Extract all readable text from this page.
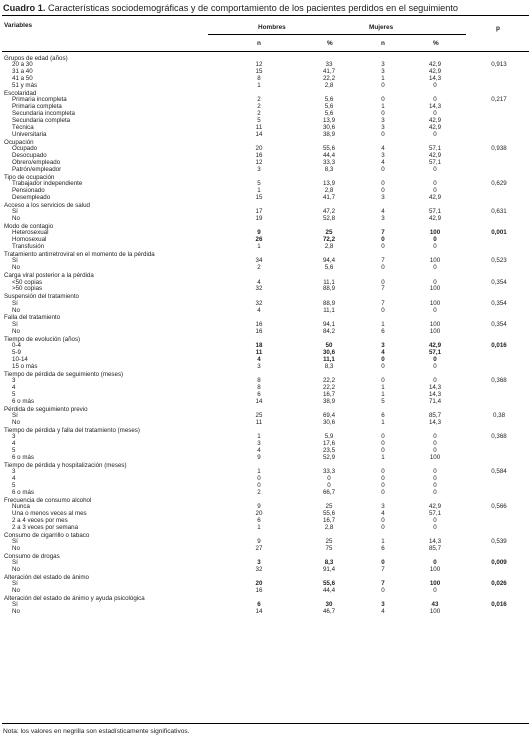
Cuadro 1. Características sociodemográficas y de comportamiento de los pacientes perdidos en el seguimiento
Variables	Hombres	Mujeres	p
n	%	n	%
Grupos de edad (años)
20 a 30	12	33	3	42,9	0,913
31 a 40	15	41,7	3	42,9
41 a 50	8	22,2	1	14,3
51 y más	1	2,8	0	0
Escolaridad
Primaria incompleta	2	5,6	0	0	0,217
Primaria completa	2	5,6	1	14,3
Secundaria incompleta	2	5,6	0	0
Secundaria completa	5	13,9	3	42,9
Técnica	11	30,6	3	42,9
Universitaria	14	38,9	0	0
Ocupación
Ocupado	20	55,6	4	57,1	0,938
Desocupado	16	44,4	3	42,9
Obrero/empleado	12	33,3	4	57,1
Patrón/empleador	3	8,3	0	0
Tipo de ocupación
Trabajador independiente	5	13,9	0	0	0,629
Pensionado	1	2,8	0	0
Desempleado	15	41,7	3	42,9
Acceso a los servicios de salud
Sí	17	47,2	4	57,1	0,631
No	19	52,8	3	42,9
Modo de contagio
Heterosexual	9	25	7	100	0,001
Homosexual	26	72,2	0	0
Transfusión	1	2,8	0	0
Tratamiento antirretroviral en el momento de la pérdida
Sí	34	94,4	7	100	0,523
No	2	5,6	0	0
Carga viral posterior a la pérdida
<50 copias	4	11,1	0	0	0,354
>50 copias	32	88,9	7	100
Suspensión del tratamiento
Sí	32	88,9	7	100	0,354
No	4	11,1	0	0
Falla del tratamiento
Sí	16	94,1	1	100	0,354
No	16	84,2	6	100
Tiempo de evolución (años)
0-4	18	50	3	42,9	0,016
5-9	11	30,6	4	57,1
10-14	4	11,1	0	0
15 o más	3	8,3	0	0
Tiempo de pérdida de seguimiento (meses)
3	8	22,2	0	0	0,368
4	8	22,2	1	14,3
5	6	16,7	1	14,3
6 o más	14	38,9	5	71,4
Pérdida de seguimiento previo
Sí	25	69,4	6	85,7	0,38
No	11	30,6	1	14,3
Tiempo de pérdida y falla del tratamiento (meses)
3	1	5,9	0	0	0,368
4	3	17,6	0	0
5	4	23,5	0	0
6 o más	9	52,9	1	100
Tiempo de pérdida y hospitalización (meses)
3	1	33,3	0	0	0,584
4	0	0	0	0
5	0	0	0	0
6 o más	2	66,7	0	0
Frecuencia de consumo alcohol
Nunca	9	25	3	42,9	0,566
Una o menos veces al mes	20	55,6	4	57,1
2 a 4 veces por mes	6	16,7	0	0
2 a 3 veces por semana	1	2,8	0	0
Consumo de cigarrillo o tabaco
Sí	9	25	1	14,3	0,539
No	27	75	6	85,7
Consumo de drogas
Sí	3	8,3	0	0	0,009
No	32	91,4	7	100
Alteración del estado de ánimo
Sí	20	55,6	7	100	0,026
No	16	44,4	0	0
Alteración del estado de ánimo y ayuda psicológica
Sí	6	30	3	43	0,016
No	14	46,7	4	100
Nota: los valores en negrilla son estadísticamente significativos.
